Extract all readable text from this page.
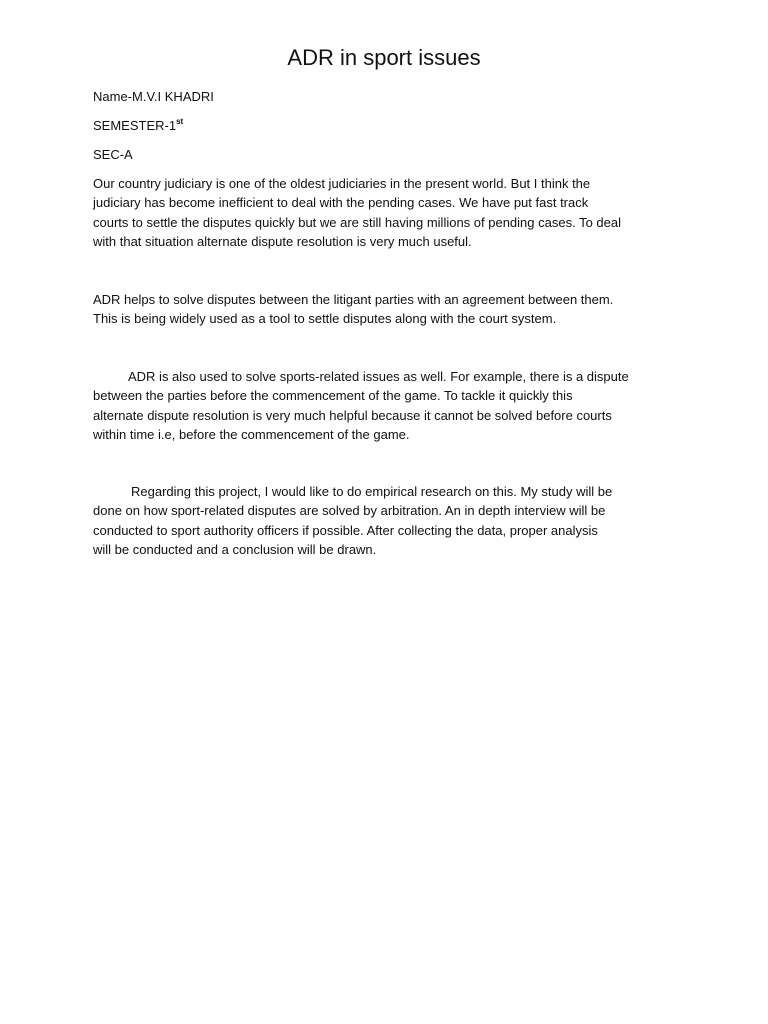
ADR in sport issues
Name-M.V.I KHADRI
SEMESTER-1st
SEC-A
Our country judiciary is one of the oldest judiciaries in the present world. But I think the
judiciary has become inefficient to deal with the pending cases. We have put fast track
courts to settle the disputes quickly but we are still having millions of pending cases. To deal
with that situation alternate dispute resolution is very much useful.
ADR helps to solve disputes between the litigant parties with an agreement between them.
This is being widely used as a tool to settle disputes along with the court system.
ADR is also used to solve sports-related issues as well. For example, there is a dispute
between the parties before the commencement of the game. To tackle it quickly this
alternate dispute resolution is very much helpful because it cannot be solved before courts
within time i.e, before the commencement of the game.
Regarding this project, I would like to do empirical research on this. My study will be
done on how sport-related disputes are solved by arbitration. An in depth interview will be
conducted to sport authority officers if possible. After collecting the data, proper analysis
will be conducted and a conclusion will be drawn.
